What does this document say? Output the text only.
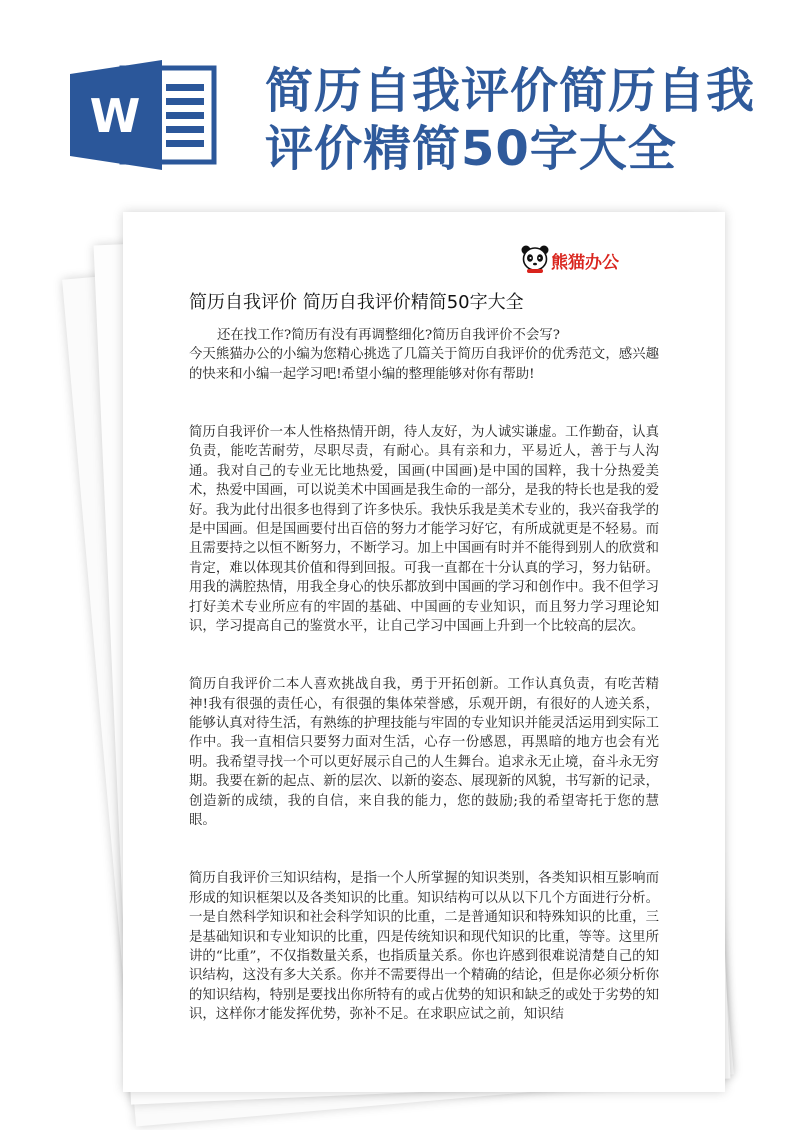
W	简历自我评价简历自我评价精简50字大全
熊猫办公
简历自我评价 简历自我评价精简50字大全

还在找工作?简历有没有再调整细化?简历自我评价不会写?

今天熊猫办公的小编为您精心挑选了几篇关于简历自我评价的优秀范文，感兴趣的快来和小编一起学习吧!希望小编的整理能够对你有帮助!

简历自我评价一本人性格热情开朗，待人友好，为人诚实谦虚。工作勤奋，认真负责，能吃苦耐劳，尽职尽责，有耐心。具有亲和力，平易近人，善于与人沟通。我对自己的专业无比地热爱，国画(中国画)是中国的国粹，我十分热爱美术，热爱中国画，可以说美术中国画是我生命的一部分，是我的特长也是我的爱好。我为此付出很多也得到了许多快乐。我快乐我是美术专业的，我兴奋我学的是中国画。但是国画要付出百倍的努力才能学习好它，有所成就更是不轻易。而且需要持之以恒不断努力，不断学习。加上中国画有时并不能得到别人的欣赏和肯定，难以体现其价值和得到回报。可我一直都在十分认真的学习，努力钻研。用我的满腔热情，用我全身心的快乐都放到中国画的学习和创作中。我不但学习打好美术专业所应有的牢固的基础、中国画的专业知识，而且努力学习理论知识，学习提高自己的鉴赏水平，让自己学习中国画上升到一个比较高的层次。

简历自我评价二本人喜欢挑战自我，勇于开拓创新。工作认真负责，有吃苦精神!我有很强的责任心，有很强的集体荣誉感，乐观开朗，有很好的人迹关系，能够认真对待生活，有熟练的护理技能与牢固的专业知识并能灵活运用到实际工作中。我一直相信只要努力面对生活，心存一份感恩，再黑暗的地方也会有光明。我希望寻找一个可以更好展示自己的人生舞台。追求永无止境，奋斗永无穷期。我要在新的起点、新的层次、以新的姿态、展现新的风貌，书写新的记录，创造新的成绩，我的自信，来自我的能力，您的鼓励;我的希望寄托于您的慧眼。

简历自我评价三知识结构，是指一个人所掌握的知识类别，各类知识相互影响而形成的知识框架以及各类知识的比重。知识结构可以从以下几个方面进行分析。一是自然科学知识和社会科学知识的比重，二是普通知识和特殊知识的比重，三是基础知识和专业知识的比重，四是传统知识和现代知识的比重，等等。这里所讲的“比重”，不仅指数量关系，也指质量关系。你也许感到很难说清楚自己的知识结构，这没有多大关系。你并不需要得出一个精确的结论，但是你必须分析你的知识结构，特别是要找出你所特有的或占优势的知识和缺乏的或处于劣势的知识，这样你才能发挥优势，弥补不足。在求职应试之前，知识结
